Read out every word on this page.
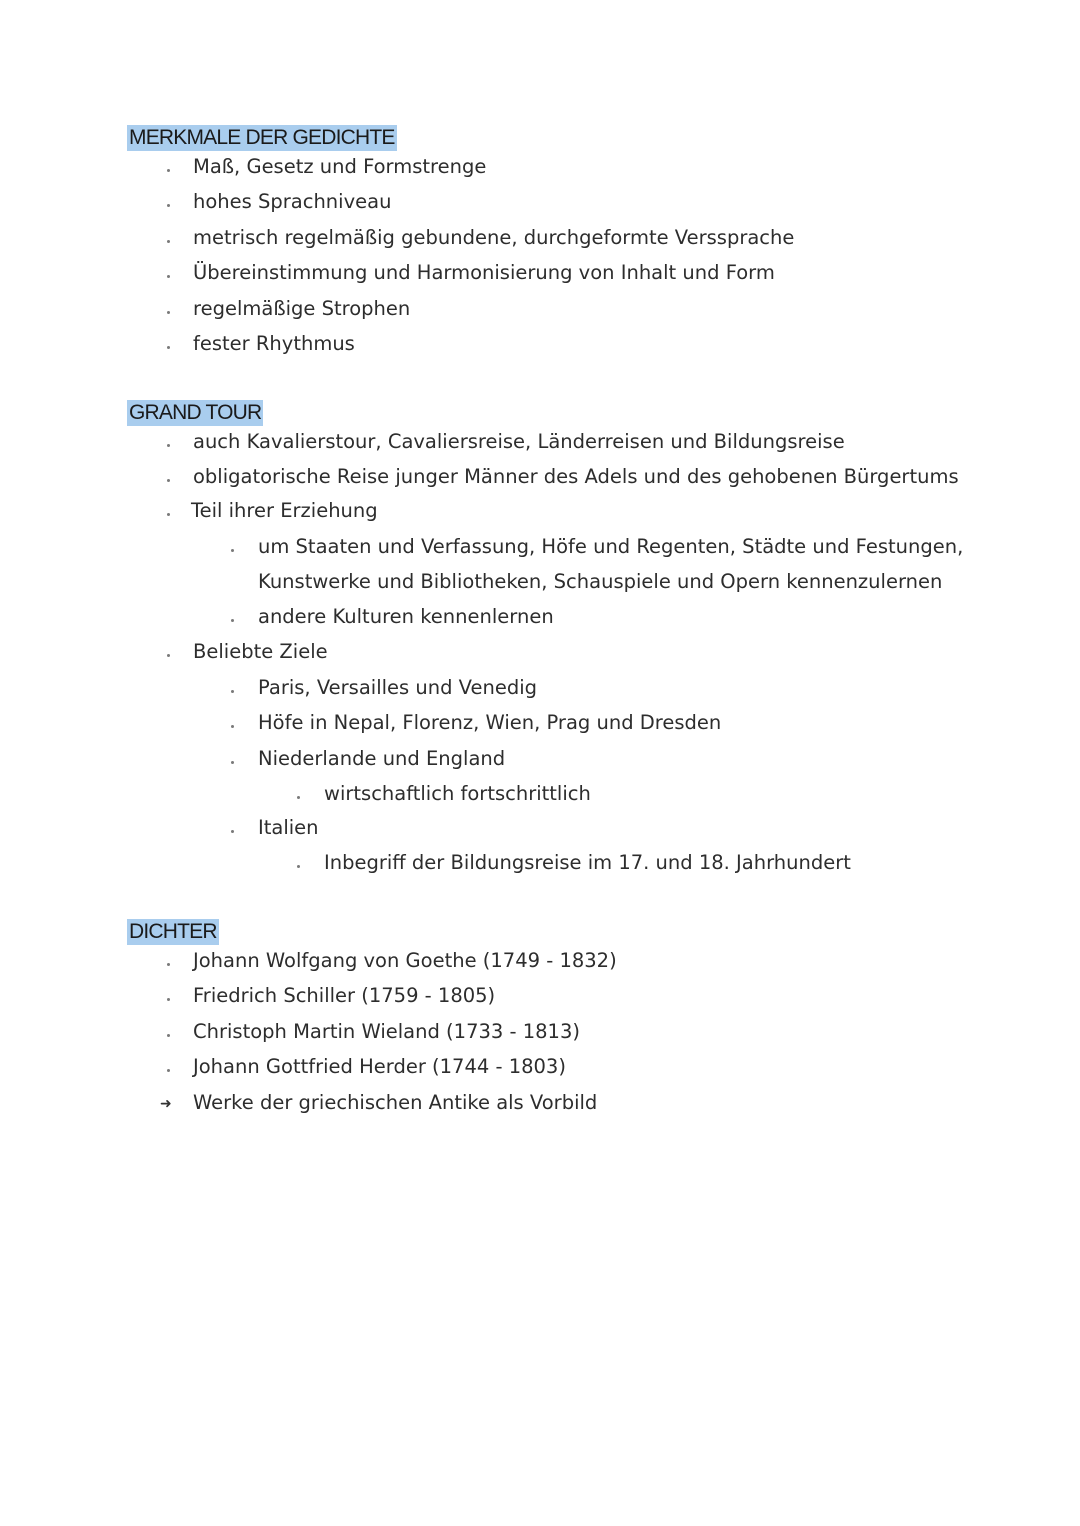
MERKMALE DER GEDICHTE
Maß, Gesetz und Formstrenge
hohes Sprachniveau
metrisch regelmäßig gebundene, durchgeformte Verssprache
Übereinstimmung und Harmonisierung von Inhalt und Form
regelmäßige Strophen
fester Rhythmus
GRAND TOUR
auch Kavalierstour, Cavaliersreise, Länderreisen und Bildungsreise
obligatorische Reise junger Männer des Adels und des gehobenen Bürgertums
Teil ihrer Erziehung
um Staaten und Verfassung, Höfe und Regenten, Städte und Festungen,
Kunstwerke und Bibliotheken, Schauspiele und Opern kennenzulernen
andere Kulturen kennenlernen
Beliebte Ziele
Paris, Versailles und Venedig
Höfe in Nepal, Florenz, Wien, Prag und Dresden
Niederlande und England
wirtschaftlich fortschrittlich
Italien
Inbegriff der Bildungsreise im 17. und 18. Jahrhundert
DICHTER
Johann Wolfgang von Goethe (1749 - 1832)
Friedrich Schiller (1759 - 1805)
Christoph Martin Wieland (1733 - 1813)
Johann Gottfried Herder (1744 - 1803)
➜ Werke der griechischen Antike als Vorbild
